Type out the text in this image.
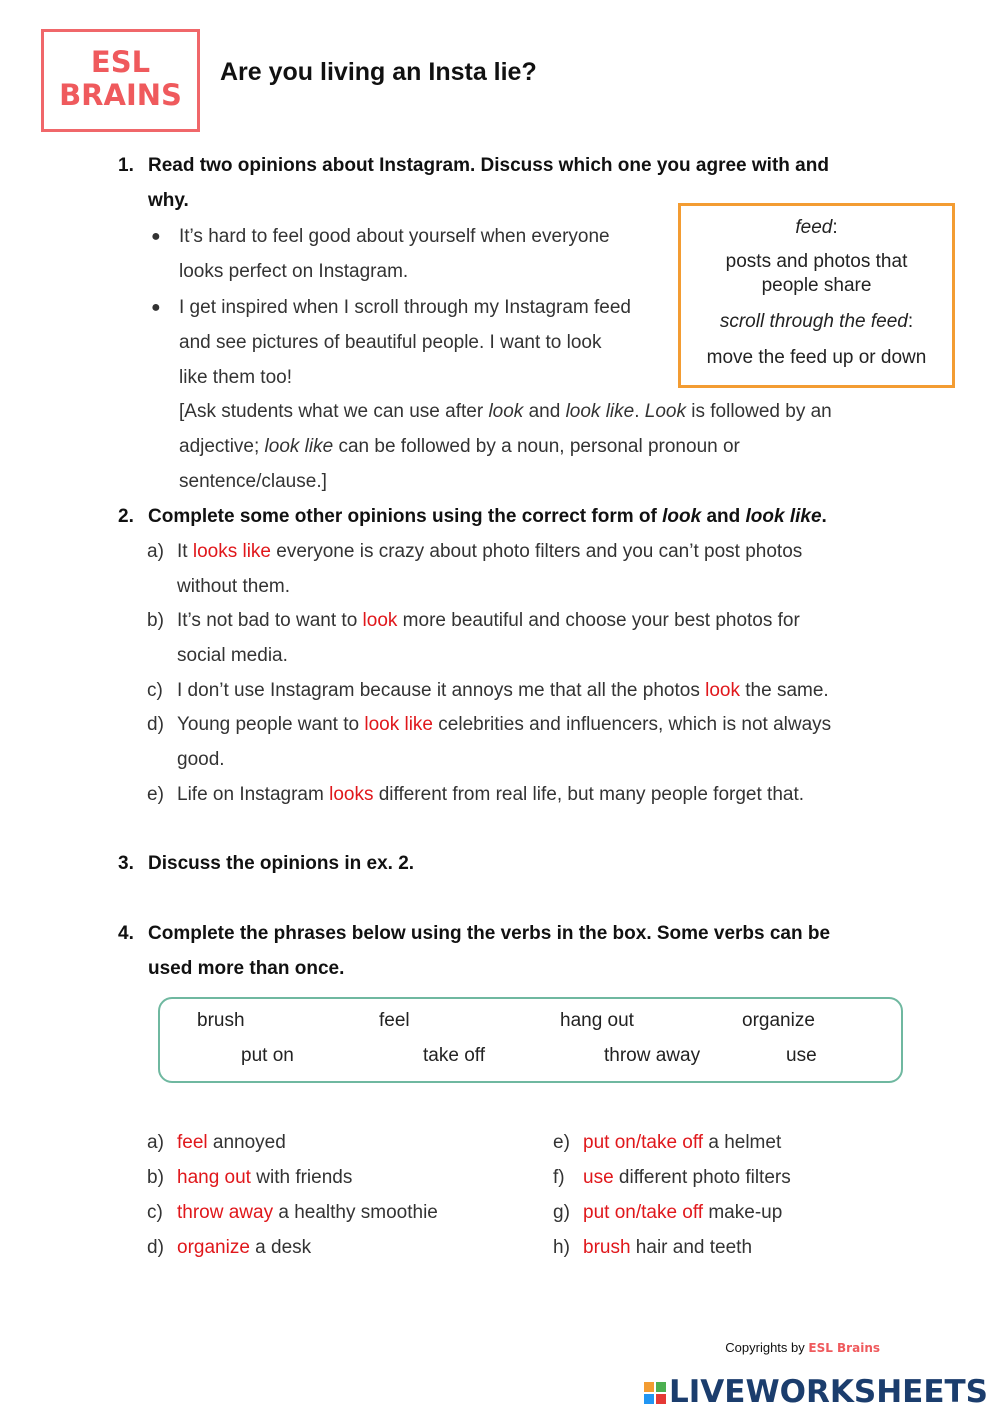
ESL
BRAINS
Are you living an Insta lie?
1. Read two opinions about Instagram. Discuss which one you agree with and
why.
● It’s hard to feel good about yourself when everyone
looks perfect on Instagram.
● I get inspired when I scroll through my Instagram feed
and see pictures of beautiful people. I want to look
like them too!
[Ask students what we can use after look and look like. Look is followed by an
adjective; look like can be followed by a noun, personal pronoun or
sentence/clause.]

feed:

posts and photos that
people share

scroll through the feed:

move the feed up or down

2. Complete some other opinions using the correct form of look and look like.
a) It looks like everyone is crazy about photo filters and you can’t post photos
without them.
b) It’s not bad to want to look more beautiful and choose your best photos for
social media.
c) I don’t use Instagram because it annoys me that all the photos look the same.
d) Young people want to look like celebrities and influencers, which is not always
good.
e) Life on Instagram looks different from real life, but many people forget that.
3. Discuss the opinions in ex. 2.
4. Complete the phrases below using the verbs in the box. Some verbs can be
used more than once.
brush	feel	hang out	organize
put on	take off	throw away	use
a) feel annoyed
b) hang out with friends
c) throw away a healthy smoothie
d) organize a desk
e) put on/take off a helmet
f) use different photo filters
g) put on/take off make-up
h) brush hair and teeth
Copyrights by ESL Brains
LIVEWORKSHEETS
